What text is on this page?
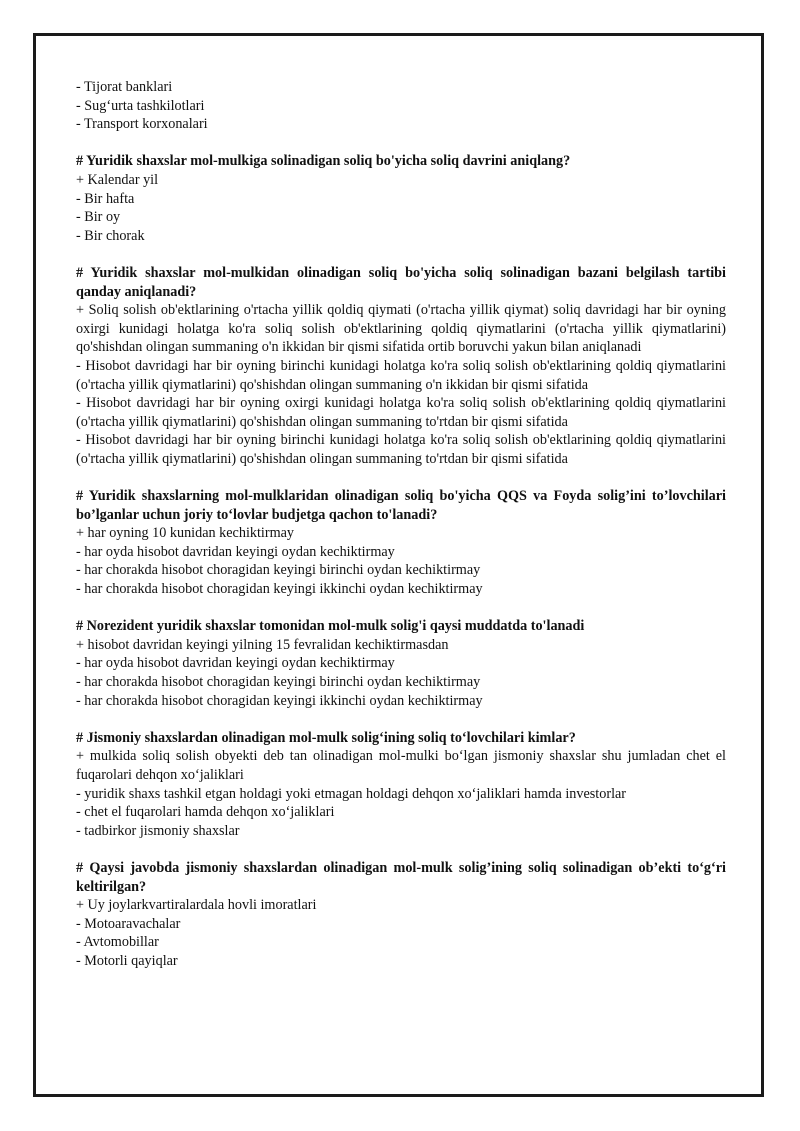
- Tijorat banklari
- Sug‘urta tashkilotlari
- Transport korxonalari
# Yuridik shaxslar mol-mulkiga solinadigan soliq bo'yicha soliq davrini aniqlang?
+ Kalendar yil
- Bir hafta
- Bir oy
- Bir chorak
# Yuridik shaxslar mol-mulkidan olinadigan soliq bo'yicha soliq solinadigan bazani belgilash tartibi qanday aniqlanadi?
+ Soliq solish ob'ektlarining o'rtacha yillik qoldiq qiymati (o'rtacha yillik qiymat) soliq davridagi har bir oyning oxirgi kunidagi holatga ko'ra soliq solish ob'ektlarining qoldiq qiymatlarini (o'rtacha yillik qiymatlarini) qo'shishdan olingan summaning o'n ikkidan bir qismi sifatida ortib boruvchi yakun bilan aniqlanadi
- Hisobot davridagi har bir oyning birinchi kunidagi holatga ko'ra soliq solish ob'ektlarining qoldiq qiymatlarini (o'rtacha yillik qiymatlarini) qo'shishdan olingan summaning o'n ikkidan bir qismi sifatida
- Hisobot davridagi har bir oyning oxirgi kunidagi holatga ko'ra soliq solish ob'ektlarining qoldiq qiymatlarini (o'rtacha yillik qiymatlarini) qo'shishdan olingan summaning to'rtdan bir qismi sifatida
- Hisobot davridagi har bir oyning birinchi kunidagi holatga ko'ra soliq solish ob'ektlarining qoldiq qiymatlarini (o'rtacha yillik qiymatlarini) qo'shishdan olingan summaning to'rtdan bir qismi sifatida
# Yuridik shaxslarning mol-mulklaridan olinadigan soliq bo'yicha QQS va Foyda solig’ini to’lovchilari bo’lganlar uchun joriy to‘lovlar budjetga qachon to'lanadi?
+ har oyning 10 kunidan kechiktirmay
- har oyda hisobot davridan keyingi oydan kechiktirmay
- har chorakda hisobot choragidan keyingi birinchi oydan kechiktirmay
- har chorakda hisobot choragidan keyingi ikkinchi oydan kechiktirmay
# Norezident yuridik shaxslar tomonidan mol-mulk solig'i qaysi muddatda to'lanadi
+ hisobot davridan keyingi yilning 15 fevralidan kechiktirmasdan
- har oyda hisobot davridan keyingi oydan kechiktirmay
- har chorakda hisobot choragidan keyingi birinchi oydan kechiktirmay
- har chorakda hisobot choragidan keyingi ikkinchi oydan kechiktirmay
# Jismoniy shaxslardan olinadigan mol-mulk solig‘ining soliq to‘lovchilari kimlar?
+ mulkida soliq solish obyekti deb tan olinadigan mol-mulki bo‘lgan jismoniy shaxslar shu jumladan chet el fuqarolari dehqon xo‘jaliklari
- yuridik shaxs tashkil etgan holdagi yoki etmagan holdagi dehqon xo‘jaliklari hamda investorlar
- chet el fuqarolari hamda dehqon xo‘jaliklari
- tadbirkor jismoniy shaxslar
# Qaysi javobda jismoniy shaxslardan olinadigan mol-mulk solig’ining soliq solinadigan ob’ekti to‘g‘ri keltirilgan?
+ Uy joylarkvartiralardala hovli imoratlari
- Motoaravachalar
- Avtomobillar
- Motorli qayiqlar
